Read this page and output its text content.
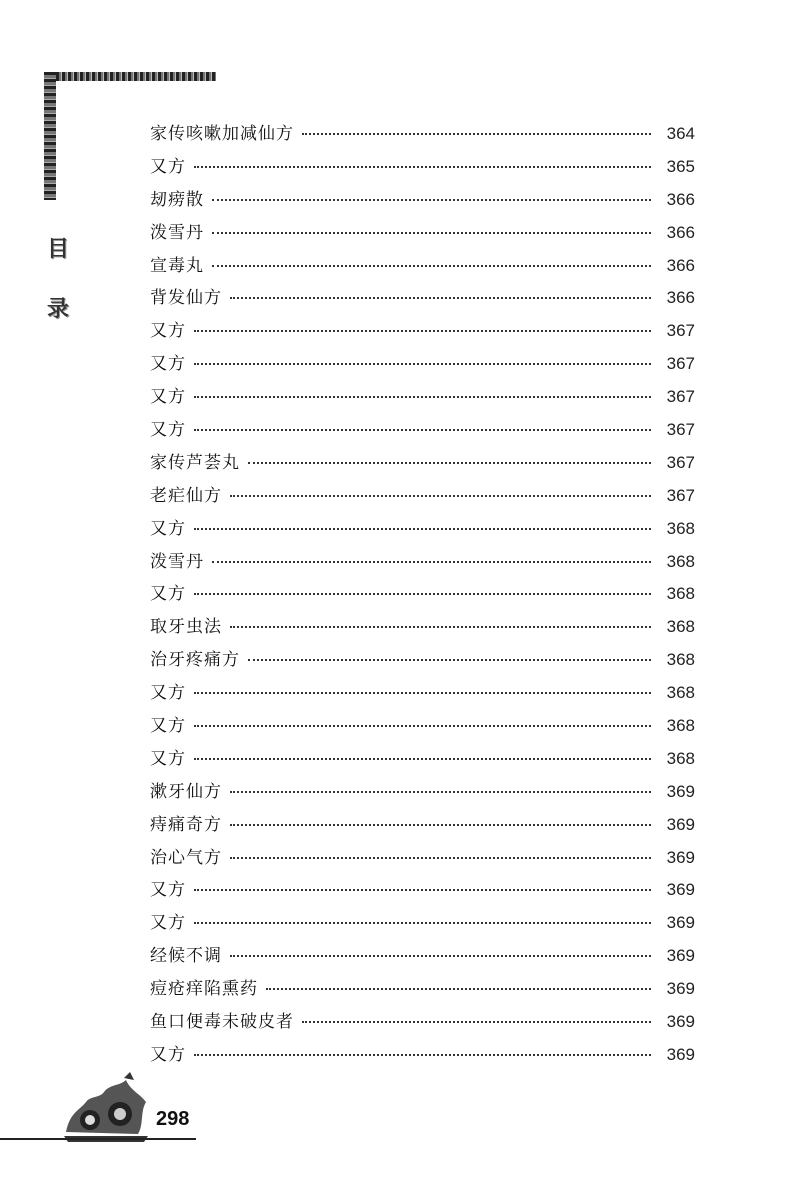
目
录
家传咳嗽加减仙方	364
又方	365
刼痨散	366
泼雪丹	366
宣毒丸	366
背发仙方	366
又方	367
又方	367
又方	367
又方	367
家传芦荟丸	367
老疟仙方	367
又方	368
泼雪丹	368
又方	368
取牙虫法	368
治牙疼痛方	368
又方	368
又方	368
又方	368
漱牙仙方	369
痔痛奇方	369
治心气方	369
又方	369
又方	369
经候不调	369
痘疮痒陷熏药	369
鱼口便毒未破皮者	369
又方	369
298
